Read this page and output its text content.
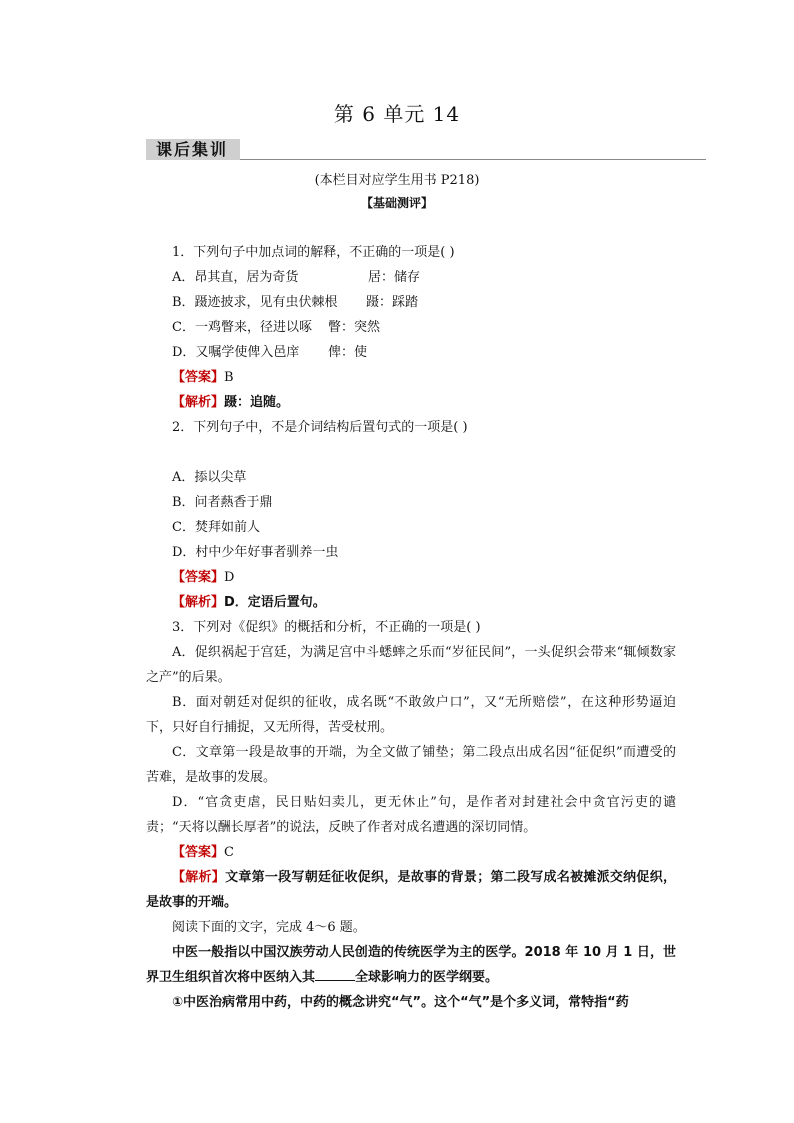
第 6 单元 14
课后集训
(本栏目对应学生用书 P218)
【基础测评】
1．下列句子中加点词的解释，不正确的一项是( )
A．昂其直，居为奇货	居：储存
B．蹑迹披求，见有虫伏棘根 蹑：踩踏
C．一鸡瞥来，径进以啄 瞥：突然
D．又嘱学使俾入邑庠 俾：使
【答案】B
【解析】蹑：追随。
2．下列句子中，不是介词结构后置句式的一项是( )
A．掭以尖草
B．问者爇香于鼎
C．焚拜如前人
D．村中少年好事者驯养一虫
【答案】D
【解析】D．定语后置句。
3．下列对《促织》的概括和分析，不正确的一项是( )
A．促织祸起于宫廷，为满足宫中斗蟋蟀之乐而“岁征民间”，一头促织会带来“辄倾数家之产”的后果。
B．面对朝廷对促织的征收，成名既“不敢敛户口”，又“无所赔偿”，在这种形势逼迫下，只好自行捕捉，又无所得，苦受杖刑。
C．文章第一段是故事的开端，为全文做了铺垫；第二段点出成名因“征促织”而遭受的苦难，是故事的发展。
D．“官贪吏虐，民日贴妇卖儿，更无休止”句，是作者对封建社会中贪官污吏的谴责；“天将以酬长厚者”的说法，反映了作者对成名遭遇的深切同情。
【答案】C
【解析】文章第一段写朝廷征收促织，是故事的背景；第二段写成名被摊派交纳促织，是故事的开端。
阅读下面的文字，完成 4～6 题。
中医一般指以中国汉族劳动人民创造的传统医学为主的医学。2018 年 10 月 1 日，世界卫生组织首次将中医纳入其	全球影响力的医学纲要。
①中医治病常用中药，中药的概念讲究“气”。这个“气”是个多义词，常特指“药
